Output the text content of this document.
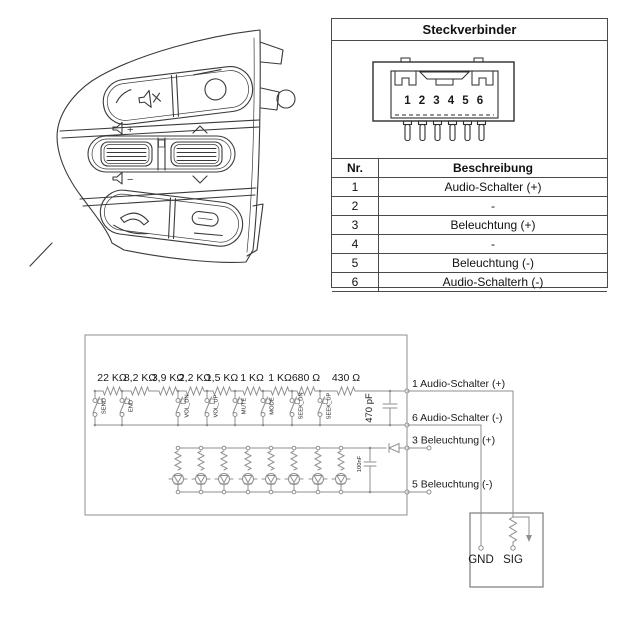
+
−
Steckverbinder
1 2 3 4 5 6
Nr.	Beschreibung
1	Audio-Schalter (+)
2	-
3	Beleuchtung (+)
4	-
5	Beleuchtung (-)
6	Audio-Schalterh (-)
22 KΩ
8,2 KΩ
3,9 KΩ
2,2 KΩ
1,5 KΩ 1 KΩ 1 KΩ 680 Ω 430 Ω
SEND	END	VOL_DN	VOL_UP	MUTE	MODE	SEEK_DN	SEEK_UP	470 pF
100nF
1 Audio-Schalter (+)
6 Audio-Schalter (-)
3 Beleuchtung (+)
5 Beleuchtung (-)
GND SIG
